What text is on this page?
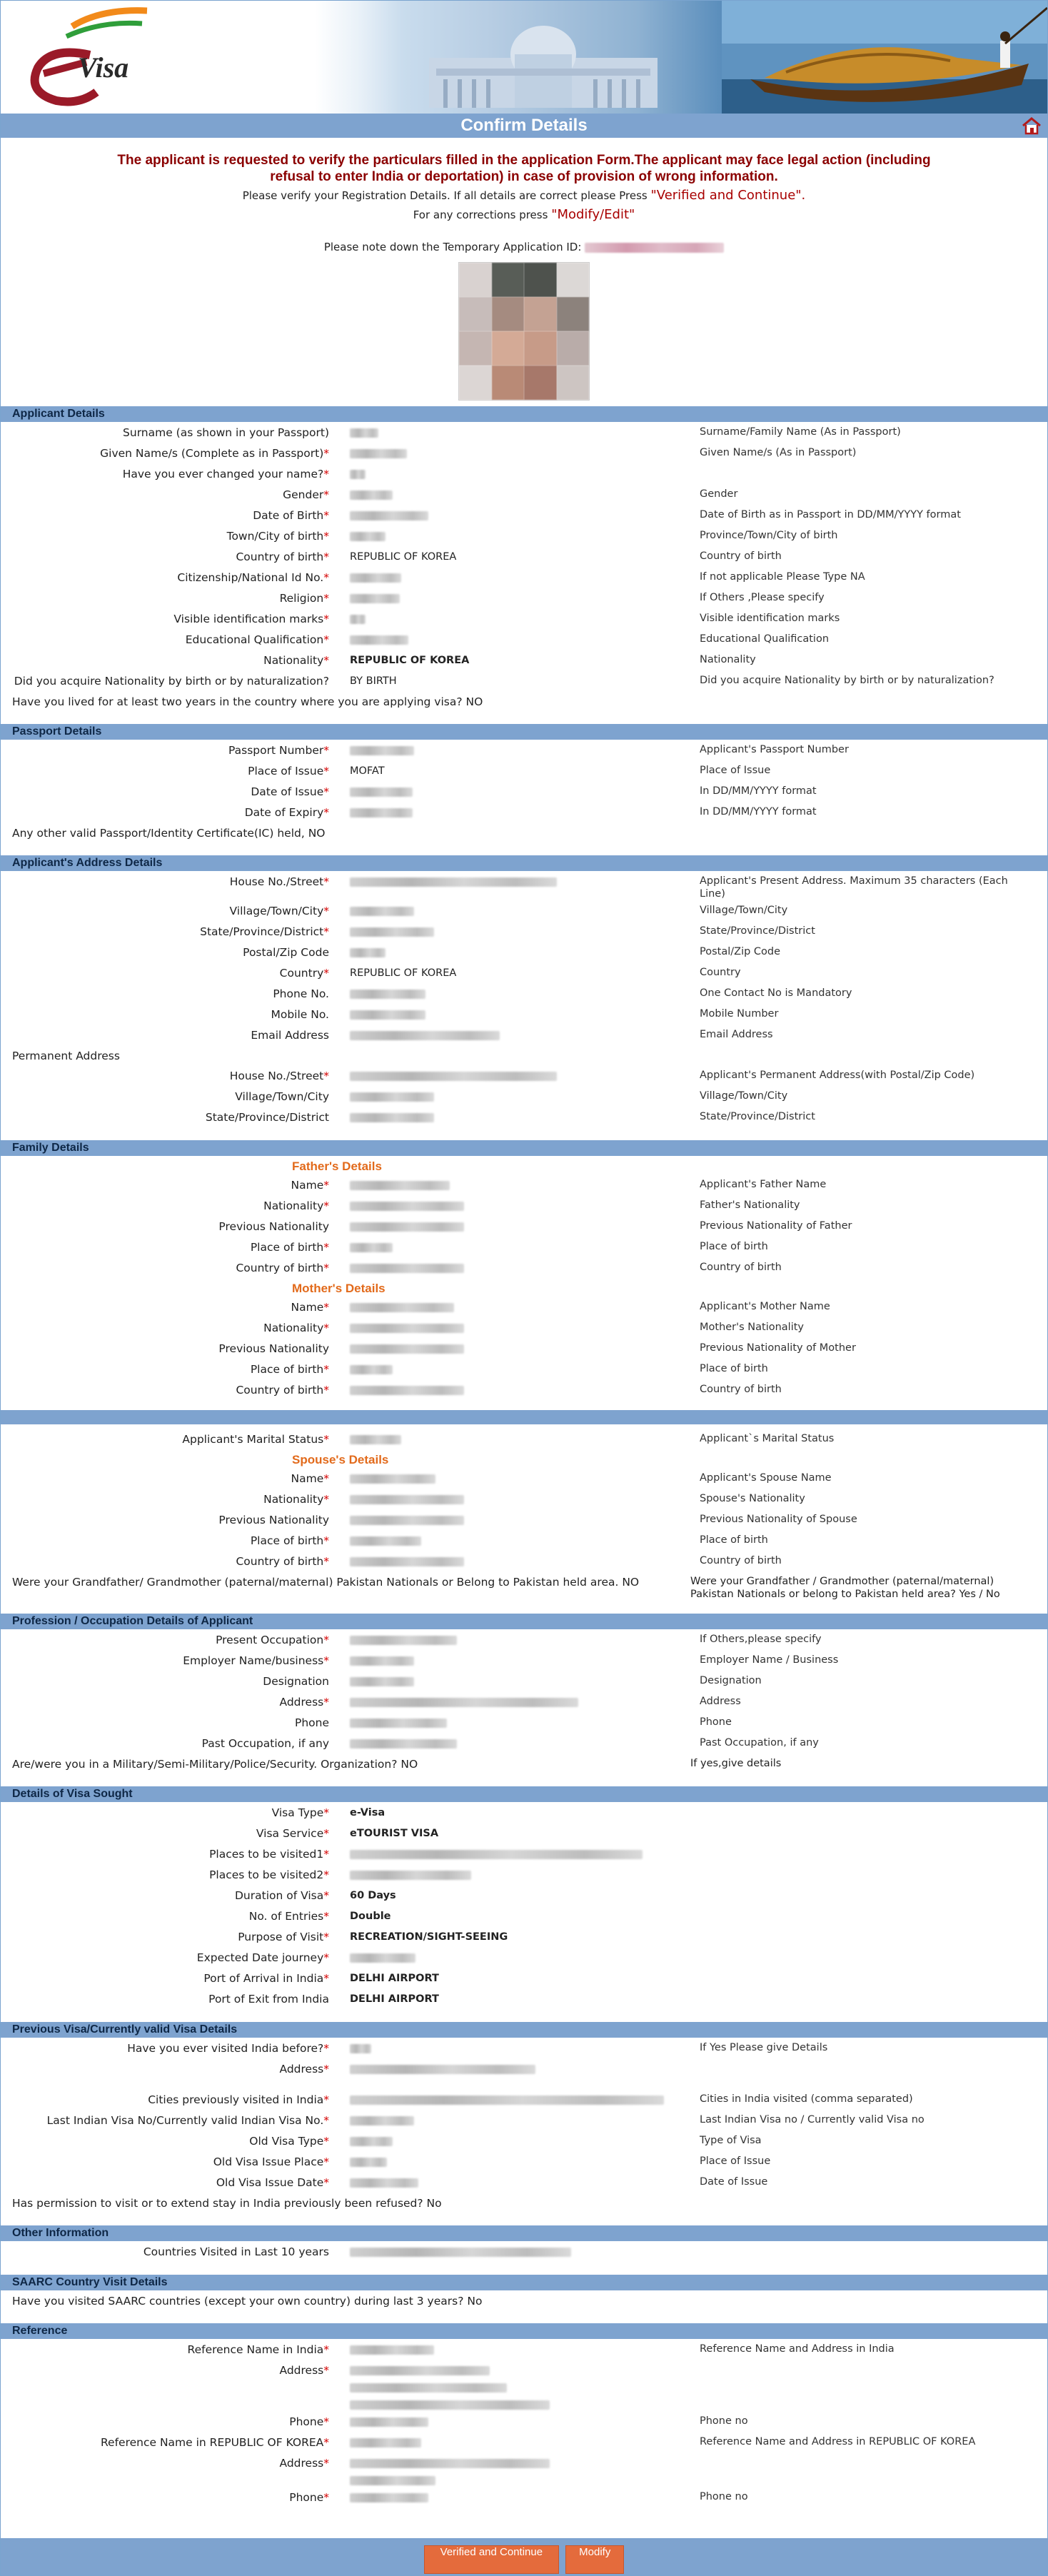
Visa
Confirm Details
The applicant is requested to verify the particulars filled in the application Form.The applicant may face legal action (including refusal to enter India or deportation) in case of provision of wrong information.
Please verify your Registration Details. If all details are correct please Press "Verified and Continue".
For any corrections press "Modify/Edit"
Please note down the Temporary Application ID:
Applicant Details
Surname (as shown in your Passport)	Surname/Family Name (As in Passport)
Given Name/s (Complete as in Passport)*	Given Name/s (As in Passport)
Have you ever changed your name?*
Gender*	Gender
Date of Birth*	Date of Birth as in Passport in DD/MM/YYYY format
Town/City of birth*	Province/Town/City of birth
Country of birth*	REPUBLIC OF KOREA	Country of birth
Citizenship/National Id No.*	If not applicable Please Type NA
Religion*	If Others ,Please specify
Visible identification marks*	Visible identification marks
Educational Qualification*	Educational Qualification
Nationality*	REPUBLIC OF KOREA	Nationality
Did you acquire Nationality by birth or by naturalization?	BY BIRTH	Did you acquire Nationality by birth or by naturalization?
Have you lived for at least two years in the country where you are applying visa? NO
Passport Details
Passport Number*	Applicant's Passport Number
Place of Issue*	MOFAT	Place of Issue
Date of Issue*	In DD/MM/YYYY format
Date of Expiry*	In DD/MM/YYYY format
Any other valid Passport/Identity Certificate(IC) held, NO
Applicant's Address Details
House No./Street*	Applicant's Present Address. Maximum 35 characters (Each Line)
Village/Town/City*	Village/Town/City
State/Province/District*	State/Province/District
Postal/Zip Code	Postal/Zip Code
Country*	REPUBLIC OF KOREA	Country
Phone No.	One Contact No is Mandatory
Mobile No.	Mobile Number
Email Address	Email Address
Permanent Address
House No./Street*	Applicant's Permanent Address(with Postal/Zip Code)
Village/Town/City	Village/Town/City
State/Province/District	State/Province/District
Family Details
Father's Details
Name*	Applicant's Father Name
Nationality*	Father's Nationality
Previous Nationality	Previous Nationality of Father
Place of birth*	Place of birth
Country of birth*	Country of birth
Mother's Details
Name*	Applicant's Mother Name
Nationality*	Mother's Nationality
Previous Nationality	Previous Nationality of Mother
Place of birth*	Place of birth
Country of birth*	Country of birth
Applicant's Marital Status*	Applicant`s Marital Status
Spouse's Details
Name*	Applicant's Spouse Name
Nationality*	Spouse's Nationality
Previous Nationality	Previous Nationality of Spouse
Place of birth*	Place of birth
Country of birth*	Country of birth
Were your Grandfather/ Grandmother (paternal/maternal) Pakistan Nationals or Belong to Pakistan held area. NO	Were your Grandfather / Grandmother (paternal/maternal) Pakistan Nationals or belong to Pakistan held area? Yes / No
Profession / Occupation Details of Applicant
Present Occupation*	If Others,please specify
Employer Name/business*	Employer Name / Business
Designation	Designation
Address*	Address
Phone	Phone
Past Occupation, if any	Past Occupation, if any
Are/were you in a Military/Semi-Military/Police/Security. Organization? NO	If yes,give details
Details of Visa Sought
Visa Type*	e-Visa
Visa Service*	eTOURIST VISA
Places to be visited1*
Places to be visited2*
Duration of Visa*	60 Days
No. of Entries*	Double
Purpose of Visit*	RECREATION/SIGHT-SEEING
Expected Date journey*
Port of Arrival in India*	DELHI AIRPORT
Port of Exit from India	DELHI AIRPORT
Previous Visa/Currently valid Visa Details
Have you ever visited India before?*	If Yes Please give Details
Address*
Cities previously visited in India*	Cities in India visited (comma separated)
Last Indian Visa No/Currently valid Indian Visa No.*	Last Indian Visa no / Currently valid Visa no
Old Visa Type*	Type of Visa
Old Visa Issue Place*	Place of Issue
Old Visa Issue Date*	Date of Issue
Has permission to visit or to extend stay in India previously been refused? No
Other Information
Countries Visited in Last 10 years
SAARC Country Visit Details
Have you visited SAARC countries (except your own country) during last 3 years? No
Reference
Reference Name in India*	Reference Name and Address in India
Address*
Phone*	Phone no
Reference Name in REPUBLIC OF KOREA*	Reference Name and Address in REPUBLIC OF KOREA
Address*
Phone*	Phone no
Verified and Continue	Modify
